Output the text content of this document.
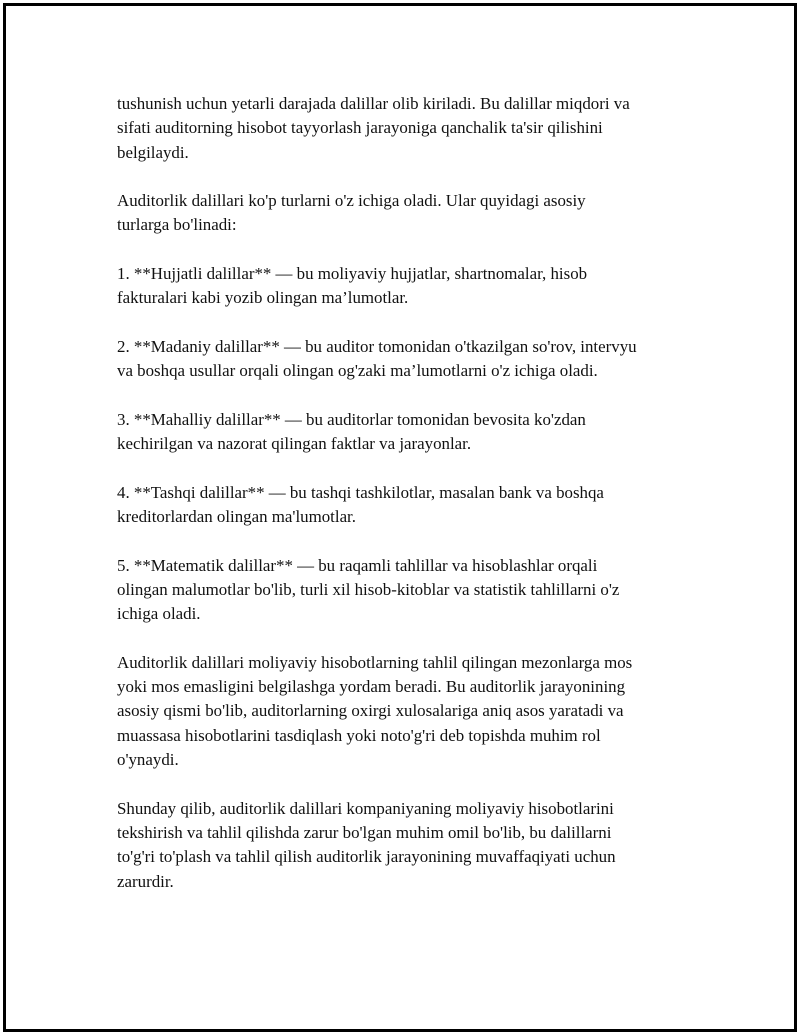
tushunish uchun yetarli darajada dalillar olib kiriladi. Bu dalillar miqdori va
sifati auditorning hisobot tayyorlash jarayoniga qanchalik ta'sir qilishini
belgilaydi.

Auditorlik dalillari ko'p turlarni o'z ichiga oladi. Ular quyidagi asosiy
turlarga bo'linadi:

1. **Hujjatli dalillar** — bu moliyaviy hujjatlar, shartnomalar, hisob
fakturalari kabi yozib olingan ma’lumotlar.

2. **Madaniy dalillar** — bu auditor tomonidan o'tkazilgan so'rov, intervyu
va boshqa usullar orqali olingan og'zaki ma’lumotlarni o'z ichiga oladi.

3. **Mahalliy dalillar** — bu auditorlar tomonidan bevosita ko'zdan
kechirilgan va nazorat qilingan faktlar va jarayonlar.

4. **Tashqi dalillar** — bu tashqi tashkilotlar, masalan bank va boshqa
kreditorlardan olingan ma'lumotlar.

5. **Matematik dalillar** — bu raqamli tahlillar va hisoblashlar orqali
olingan malumotlar bo'lib, turli xil hisob-kitoblar va statistik tahlillarni o'z
ichiga oladi.

Auditorlik dalillari moliyaviy hisobotlarning tahlil qilingan mezonlarga mos
yoki mos emasligini belgilashga yordam beradi. Bu auditorlik jarayonining
asosiy qismi bo'lib, auditorlarning oxirgi xulosalariga aniq asos yaratadi va
muassasa hisobotlarini tasdiqlash yoki noto'g'ri deb topishda muhim rol
o'ynaydi.

Shunday qilib, auditorlik dalillari kompaniyaning moliyaviy hisobotlarini
tekshirish va tahlil qilishda zarur bo'lgan muhim omil bo'lib, bu dalillarni
to'g'ri to'plash va tahlil qilish auditorlik jarayonining muvaffaqiyati uchun
zarurdir.
